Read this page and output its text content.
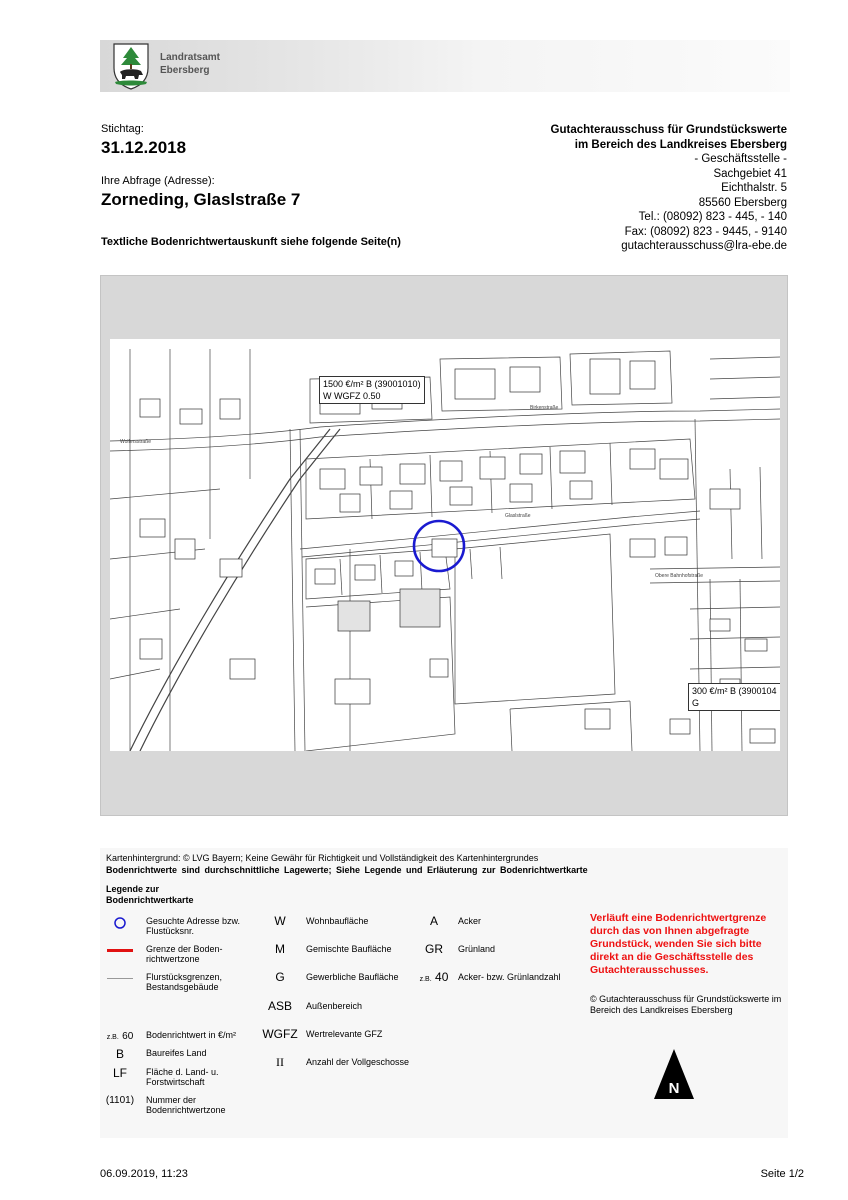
Landratsamt
Ebersberg
Stichtag:
31.12.2018
Ihre Abfrage (Adresse):
Zorneding, Glaslstraße 7
Textliche Bodenrichtwertauskunft siehe folgende Seite(n)
Gutachterausschuss für Grundstückswerte
im Bereich des Landkreises Ebersberg
- Geschäftsstelle -
Sachgebiet 41
Eichthalstr. 5
85560 Ebersberg
Tel.: (08092) 823 - 445, - 140
Fax: (08092) 823 - 9445, - 9140
gutachterausschuss@lra-ebe.de
Birkenstraße
Glaslstraße
Wolfersstraße
Obere Bahnhofstraße
1500 €/m² B (39001010)
W WGFZ 0.50
300 €/m² B (3900104
G
Kartenhintergrund: © LVG Bayern; Keine Gewähr für Richtigkeit und Vollständigkeit des Kartenhintergrundes
Bodenrichtwerte sind durchschnittliche Lagewerte; Siehe Legende und Erläuterung zur Bodenrichtwertkarte
Legende zur Bodenrichtwertkarte
Gesuchte Adresse bzw. Flustücksnr.
Grenze der Boden-richtwertzone
Flurstücksgrenzen, Bestandsgebäude
z.B. 60	Bodenrichtwert in €/m²
B	Baureifes Land
LF	Fläche d. Land- u. Forstwirtschaft
(1101)	Nummer der Bodenrichtwertzone
W	Wohnbaufläche
M	Gemischte Baufläche
G	Gewerbliche Baufläche
ASB	Außenbereich
WGFZ Wertrelevante GFZ
II	Anzahl der Vollgeschosse
A	Acker
GR	Grünland
z.B. 40	Acker- bzw. Grünlandzahl
Verläuft eine Bodenrichtwertgrenze durch das von Ihnen abgefragte Grundstück, wenden Sie sich bitte direkt an die Geschäftsstelle des Gutachterausschusses.
© Gutachterausschuss für Grundstückswerte im Bereich des Landkreises Ebersberg
N
06.09.2019, 11:23	Seite 1/2
